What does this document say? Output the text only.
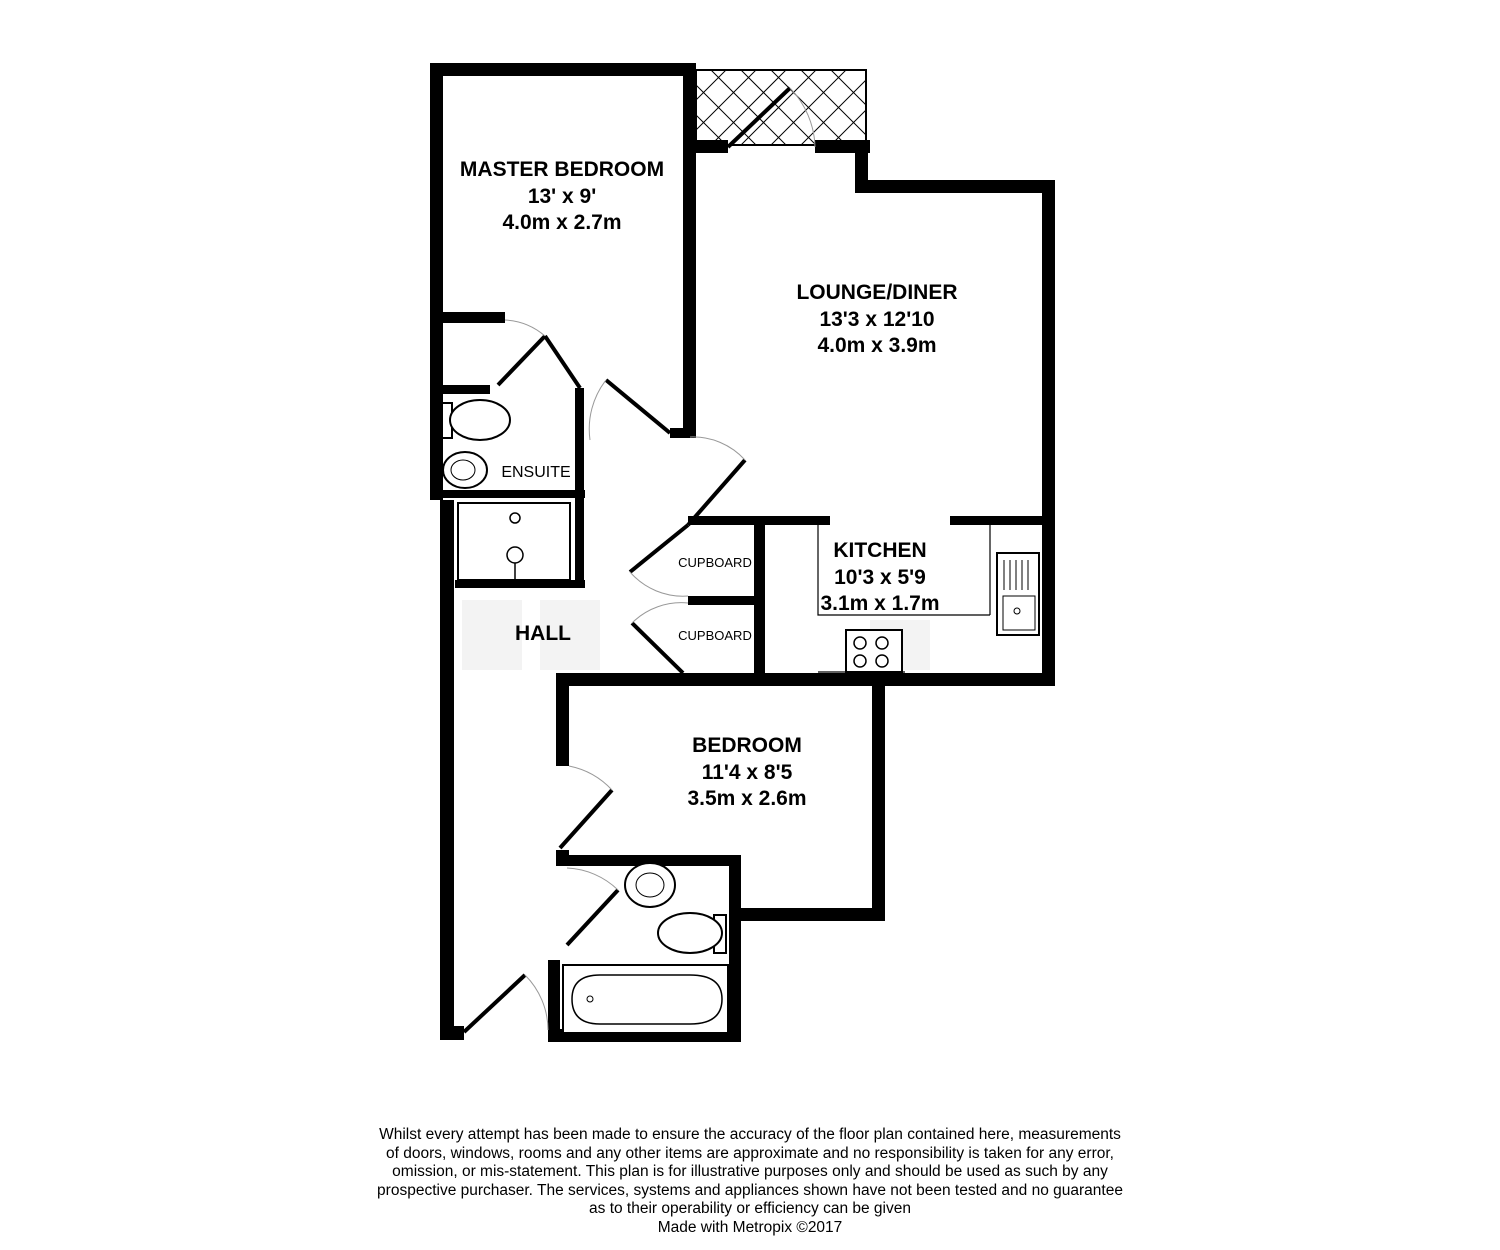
MASTER BEDROOM
13' x 9'
4.0m x 2.7m
LOUNGE/DINER
13'3 x 12'10
4.0m x 3.9m
KITCHEN
10'3 x 5'9
3.1m x 1.7m
BEDROOM
11'4 x 8'5
3.5m x 2.6m
ENSUITE
HALL
CUPBOARD
CUPBOARD
Whilst every attempt has been made to ensure the accuracy of the floor plan contained here, measurements
of doors, windows, rooms and any other items are approximate and no responsibility is taken for any error,
omission, or mis-statement. This plan is for illustrative purposes only and should be used as such by any
prospective purchaser. The services, systems and appliances shown have not been tested and no guarantee
as to their operability or efficiency can be given
Made with Metropix ©2017
